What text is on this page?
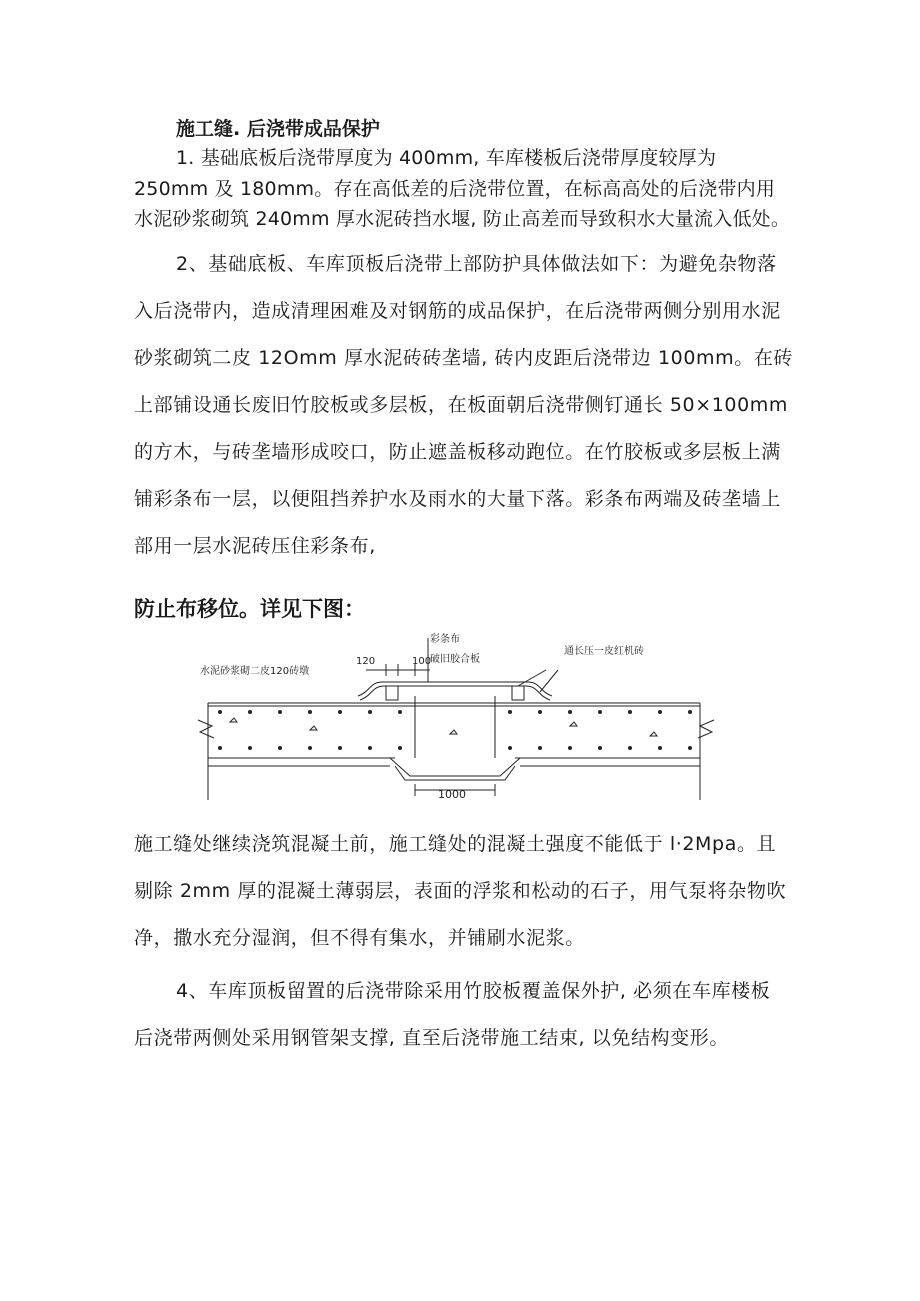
施工缝. 后浇带成品保护
1. 基础底板后浇带厚度为 400mm, 车库楼板后浇带厚度较厚为
250mm 及 180mm。存在高低差的后浇带位置，在标高高处的后浇带内用
水泥砂浆砌筑 240mm 厚水泥砖挡水堰, 防止高差而导致积水大量流入低处。
2、基础底板、车库顶板后浇带上部防护具体做法如下：为避免杂物落
入后浇带内，造成清理困难及对钢筋的成品保护，在后浇带两侧分别用水泥
砂浆砌筑二皮 12Omm 厚水泥砖砖垄墙, 砖内皮距后浇带边 100mm。在砖
上部铺设通长废旧竹胶板或多层板，在板面朝后浇带侧钉通长 50×100mm
的方木，与砖垄墙形成咬口，防止遮盖板移动跑位。在竹胶板或多层板上满
铺彩条布一层，以便阻挡养护水及雨水的大量下落。彩条布两端及砖垄墙上
部用一层水泥砖压住彩条布,
防止布移位。详见下图：
水泥砂浆砌二皮120砖墩
120	100
彩条布
破旧胶合板
通长压一皮红机砖
1000
施工缝处继续浇筑混凝土前，施工缝处的混凝土强度不能低于 l·2Mpa。且
剔除 2mm 厚的混凝土薄弱层，表面的浮浆和松动的石子，用气泵将杂物吹
净，撒水充分湿润，但不得有集水，并铺刷水泥浆。
4、车库顶板留置的后浇带除采用竹胶板覆盖保外护, 必须在车库楼板
后浇带两侧处采用钢管架支撑, 直至后浇带施工结束, 以免结构变形。
